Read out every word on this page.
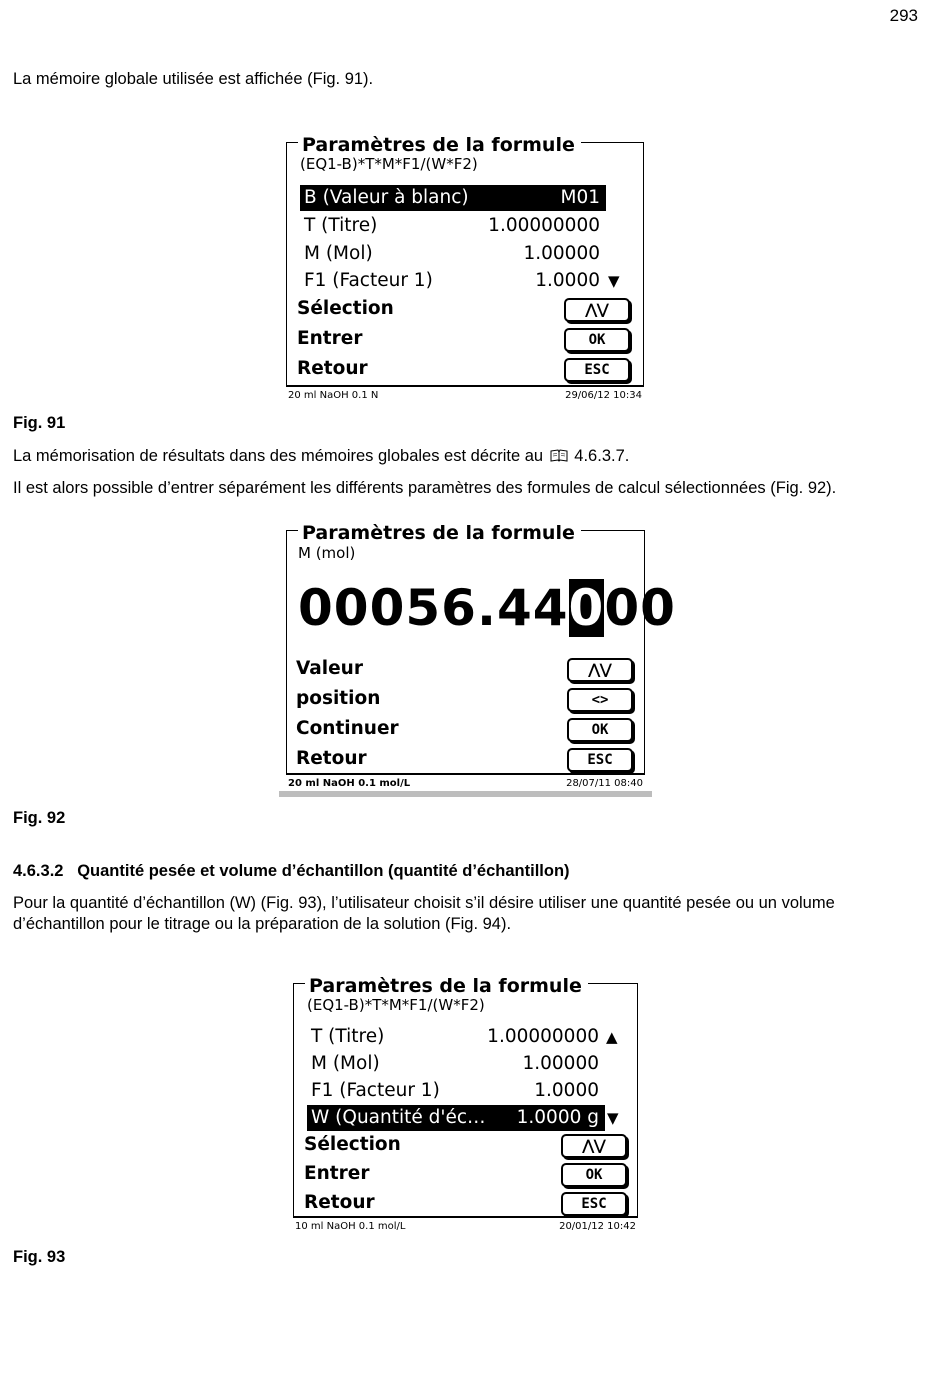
293
La mémoire globale utilisée est affichée (Fig. 91).
Paramètres de la formule
(EQ1-B)*T*M*F1/(W*F2)
B (Valeur à blanc)	M01
T (Titre)	1.00000000
M (Mol)	1.00000
F1 (Facteur 1)	1.0000 ▼
Sélection	⋀⋁
Entrer	OK
Retour	ESC
20 ml NaOH 0.1 N	29/06/12 10:34
Fig. 91
La mémorisation de résultats dans des mémoires globales est décrite au 4.6.3.7.
Il est alors possible d’entrer séparément les différents paramètres des formules de calcul sélectionnées (Fig. 92).
Paramètres de la formule
M (mol)
00056.44000
Valeur	⋀⋁
position	<>
Continuer	OK
Retour	ESC
20 ml NaOH 0.1 mol/L	28/07/11 08:40
Fig. 92
4.6.3.2   Quantité pesée et volume d’échantillon (quantité d’échantillon)
Pour la quantité d’échantillon (W) (Fig. 93), l’utilisateur choisit s’il désire utiliser une quantité pesée ou un volume d’échantillon pour le titrage ou la préparation de la solution (Fig. 94).
Paramètres de la formule
(EQ1-B)*T*M*F1/(W*F2)
T (Titre)	1.00000000 ▲
M (Mol)	1.00000
F1 (Facteur 1)	1.0000
W (Quantité d'éc… 1.0000 g ▼
Sélection	⋀⋁
Entrer	OK
Retour	ESC
10 ml NaOH 0.1 mol/L	20/01/12 10:42
Fig. 93
